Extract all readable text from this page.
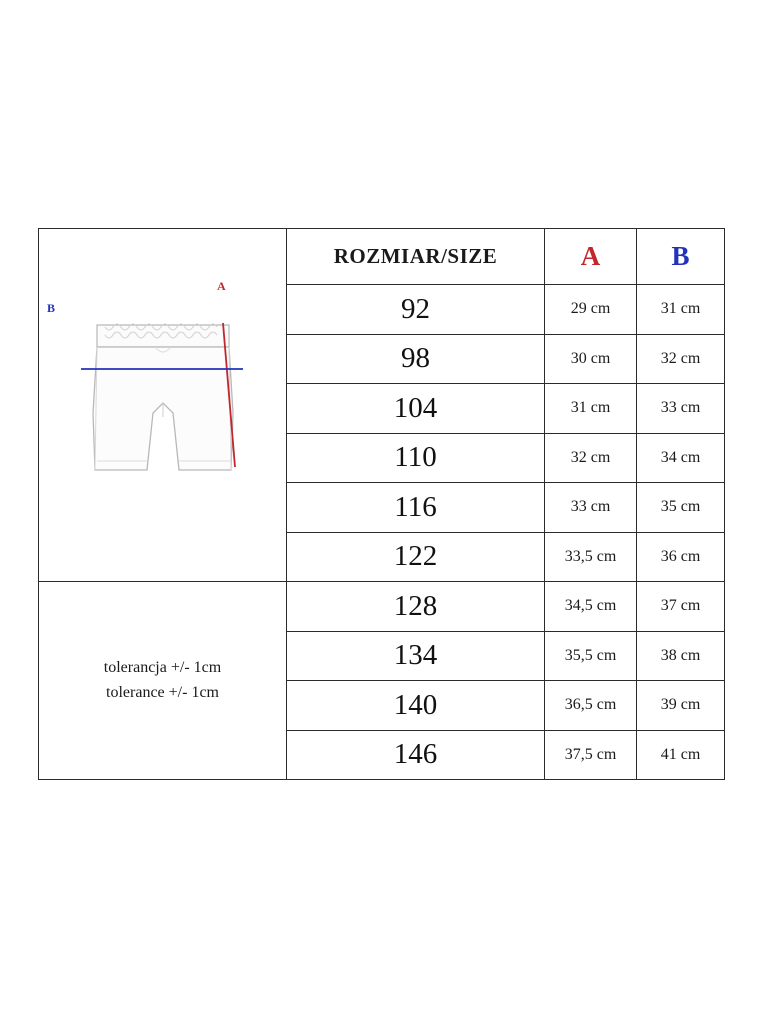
A
B	ROZMIAR/SIZE	A	B
	92	29 cm	31 cm
	98	30 cm	32 cm
	104	31 cm	33 cm
	110	32 cm	34 cm
	116	33 cm	35 cm
	122	33,5 cm	36 cm

tolerancja +/- 1cm
tolerance +/- 1cm	128	34,5 cm	37 cm
	134	35,5 cm	38 cm
	140	36,5 cm	39 cm
	146	37,5 cm	41 cm
